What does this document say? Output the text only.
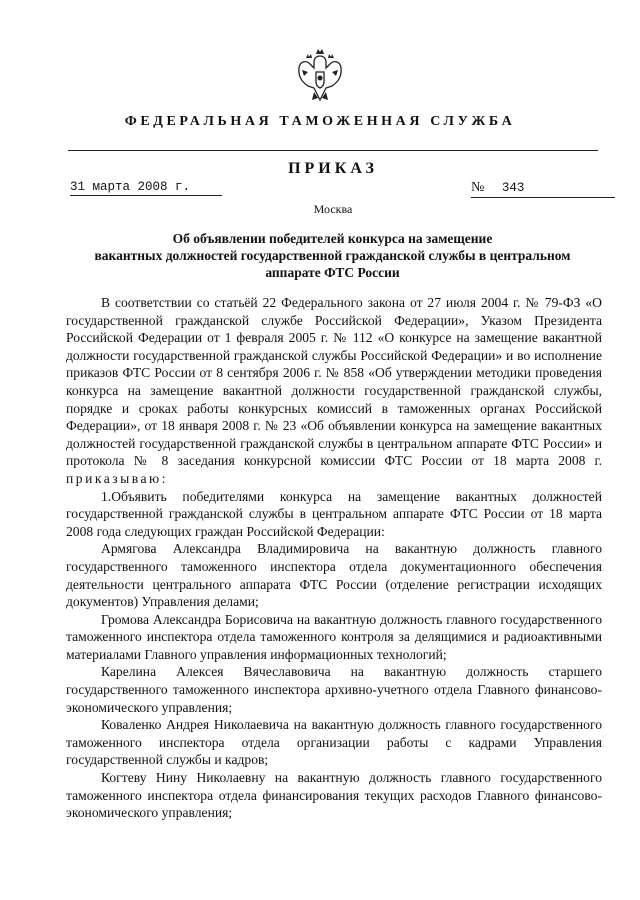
ФЕДЕРАЛЬНАЯ ТАМОЖЕННАЯ СЛУЖБА
ПРИКАЗ
31 марта 2008 г.	№ 343
Москва
Об объявлении победителей конкурса на замещение
вакантных должностей государственной гражданской службы в центральном
аппарате ФТС России

В соответствии со статьёй 22 Федерального закона от 27 июля 2004 г. № 79-ФЗ «О государственной гражданской службе Российской Федерации», Указом Президента Российской Федерации от 1 февраля 2005 г. № 112 «О конкурсе на замещение вакантной должности государственной гражданской службы Российской Федерации» и во исполнение приказов ФТС России от 8 сентября 2006 г. № 858 «Об утверждении методики проведения конкурса на замещение вакантной должности государственной гражданской службы, порядке и сроках работы конкурсных комиссий в таможенных органах Российской Федерации», от 18 января 2008 г. № 23 «Об объявлении конкурса на замещение вакантных должностей государственной гражданской службы в центральном аппарате ФТС России» и протокола № 8 заседания конкурсной комиссии ФТС России от 18 марта 2008 г. приказываю:

1.Объявить победителями конкурса на замещение вакантных должностей государственной гражданской службы в центральном аппарате ФТС России от 18 марта 2008 года следующих граждан Российской Федерации:

Армягова Александра Владимировича на вакантную должность главного государственного таможенного инспектора отдела документационного обеспечения деятельности центрального аппарата ФТС России (отделение регистрации исходящих документов) Управления делами;

Громова Александра Борисовича на вакантную должность главного государственного таможенного инспектора отдела таможенного контроля за делящимися и радиоактивными материалами Главного управления информационных технологий;

Карелина Алексея Вячеславовича на вакантную должность старшего государственного таможенного инспектора архивно-учетного отдела Главного финансово-экономического управления;

Коваленко Андрея Николаевича на вакантную должность главного государственного таможенного инспектора отдела организации работы с кадрами Управления государственной службы и кадров;

Когтеву Нину Николаевну на вакантную должность главного государственного таможенного инспектора отдела финансирования текущих расходов Главного финансово-экономического управления;
